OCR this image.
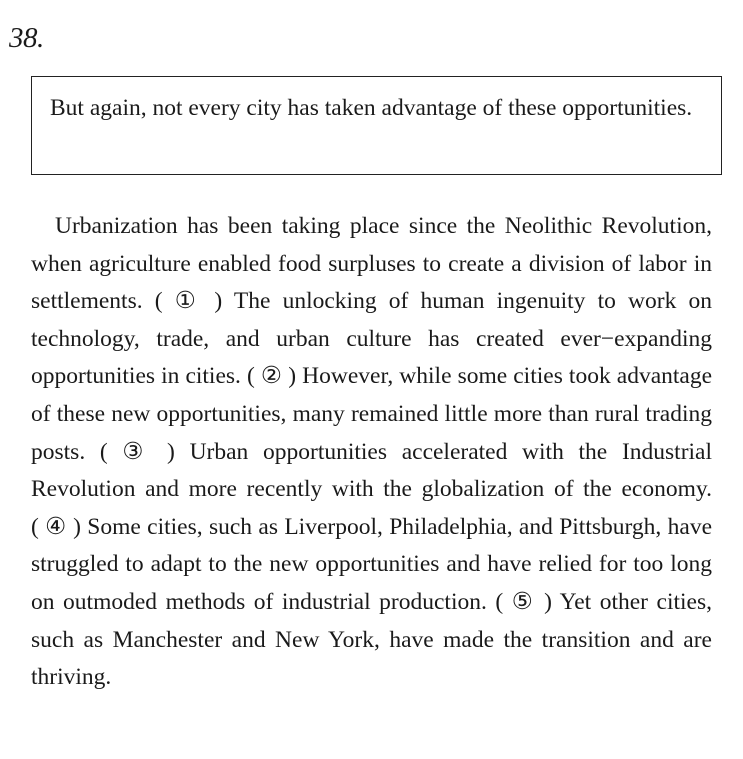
38.
But again, not every city has taken advantage of these opportunities.

Urbanization has been taking place since the Neolithic Revolution, when agriculture enabled food surpluses to create a division of labor in settlements. ( ① ) The unlocking of human ingenuity to work on technology, trade, and urban culture has created ever−expanding opportunities in cities. ( ② ) However, while some cities took advantage of these new opportunities, many remained little more than rural trading posts. ( ③ ) Urban opportunities accelerated with the Industrial Revolution and more recently with the globalization of the economy. ( ④ ) Some cities, such as Liverpool, Philadelphia, and Pittsburgh, have struggled to adapt to the new opportunities and have relied for too long on outmoded methods of industrial production. ( ⑤ ) Yet other cities, such as Manchester and New York, have made the transition and are thriving.
